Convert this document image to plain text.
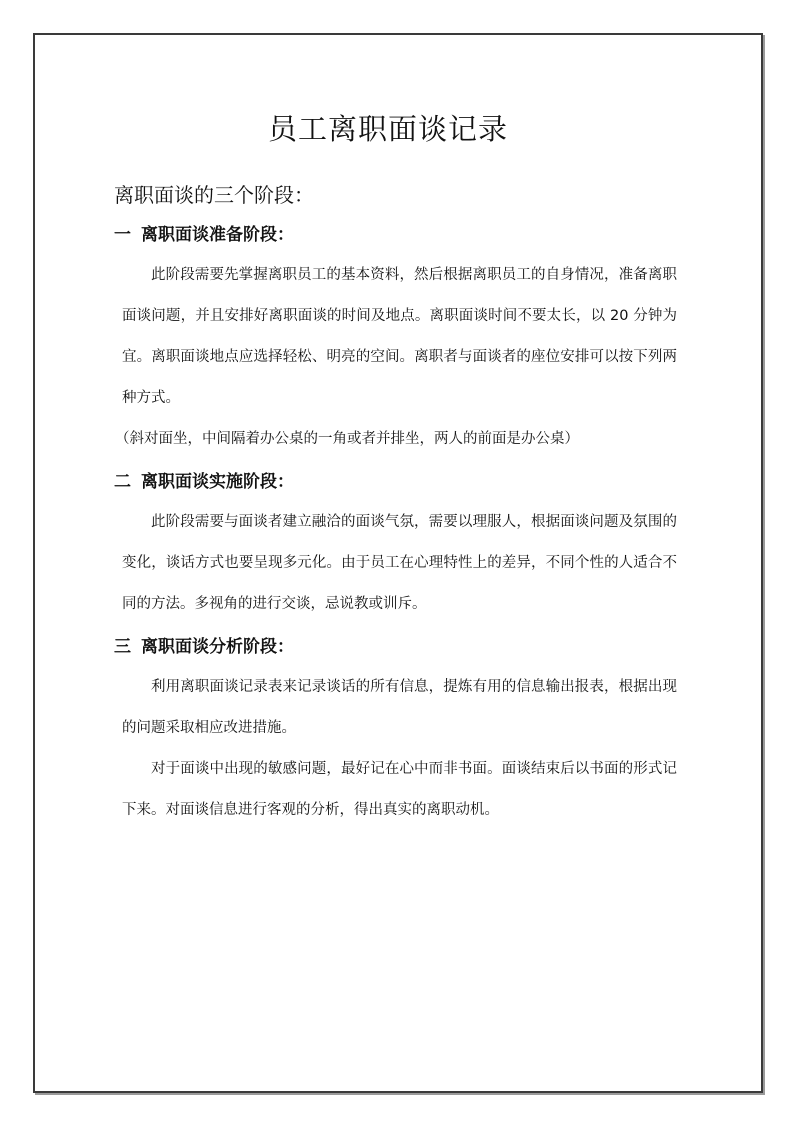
员工离职面谈记录
离职面谈的三个阶段：
一 离职面谈准备阶段：

此阶段需要先掌握离职员工的基本资料，然后根据离职员工的自身情况，准备离职面谈问题，并且安排好离职面谈的时间及地点。离职面谈时间不要太长，以 20 分钟为宜。离职面谈地点应选择轻松、明亮的空间。离职者与面谈者的座位安排可以按下列两种方式。

（斜对面坐，中间隔着办公桌的一角或者并排坐，两人的前面是办公桌）
二 离职面谈实施阶段：

此阶段需要与面谈者建立融洽的面谈气氛，需要以理服人，根据面谈问题及氛围的变化，谈话方式也要呈现多元化。由于员工在心理特性上的差异，不同个性的人适合不同的方法。多视角的进行交谈，忌说教或训斥。

三 离职面谈分析阶段：

利用离职面谈记录表来记录谈话的所有信息，提炼有用的信息输出报表，根据出现的问题采取相应改进措施。

对于面谈中出现的敏感问题，最好记在心中而非书面。面谈结束后以书面的形式记下来。对面谈信息进行客观的分析，得出真实的离职动机。
